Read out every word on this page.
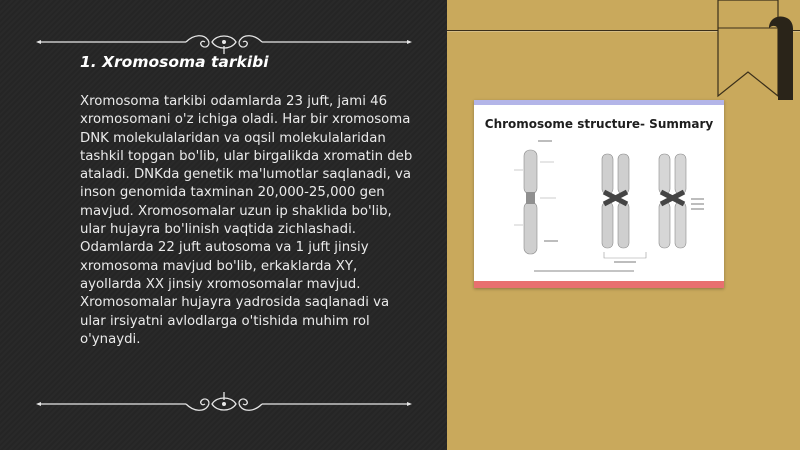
1. Xromosoma tarkibi

Xromosoma tarkibi odamlarda 23 juft, jami 46 xromosomani o'z ichiga oladi. Har bir xromosoma DNK molekulalaridan va oqsil molekulalaridan tashkil topgan bo'lib, ular birgalikda xromatin deb ataladi. DNKda genetik ma'lumotlar saqlanadi, va inson genomida taxminan 20,000-25,000 gen mavjud. Xromosomalar uzun ip shaklida bo'lib, ular hujayra bo'linish vaqtida zichlashadi. Odamlarda 22 juft autosoma va 1 juft jinsiy xromosoma mavjud bo'lib, erkaklarda XY, ayollarda XX jinsiy xromosomalar mavjud. Xromosomalar hujayra yadrosida saqlanadi va ular irsiyatni avlodlarga o'tishida muhim rol o'ynaydi.

Chromosome structure- Summary
